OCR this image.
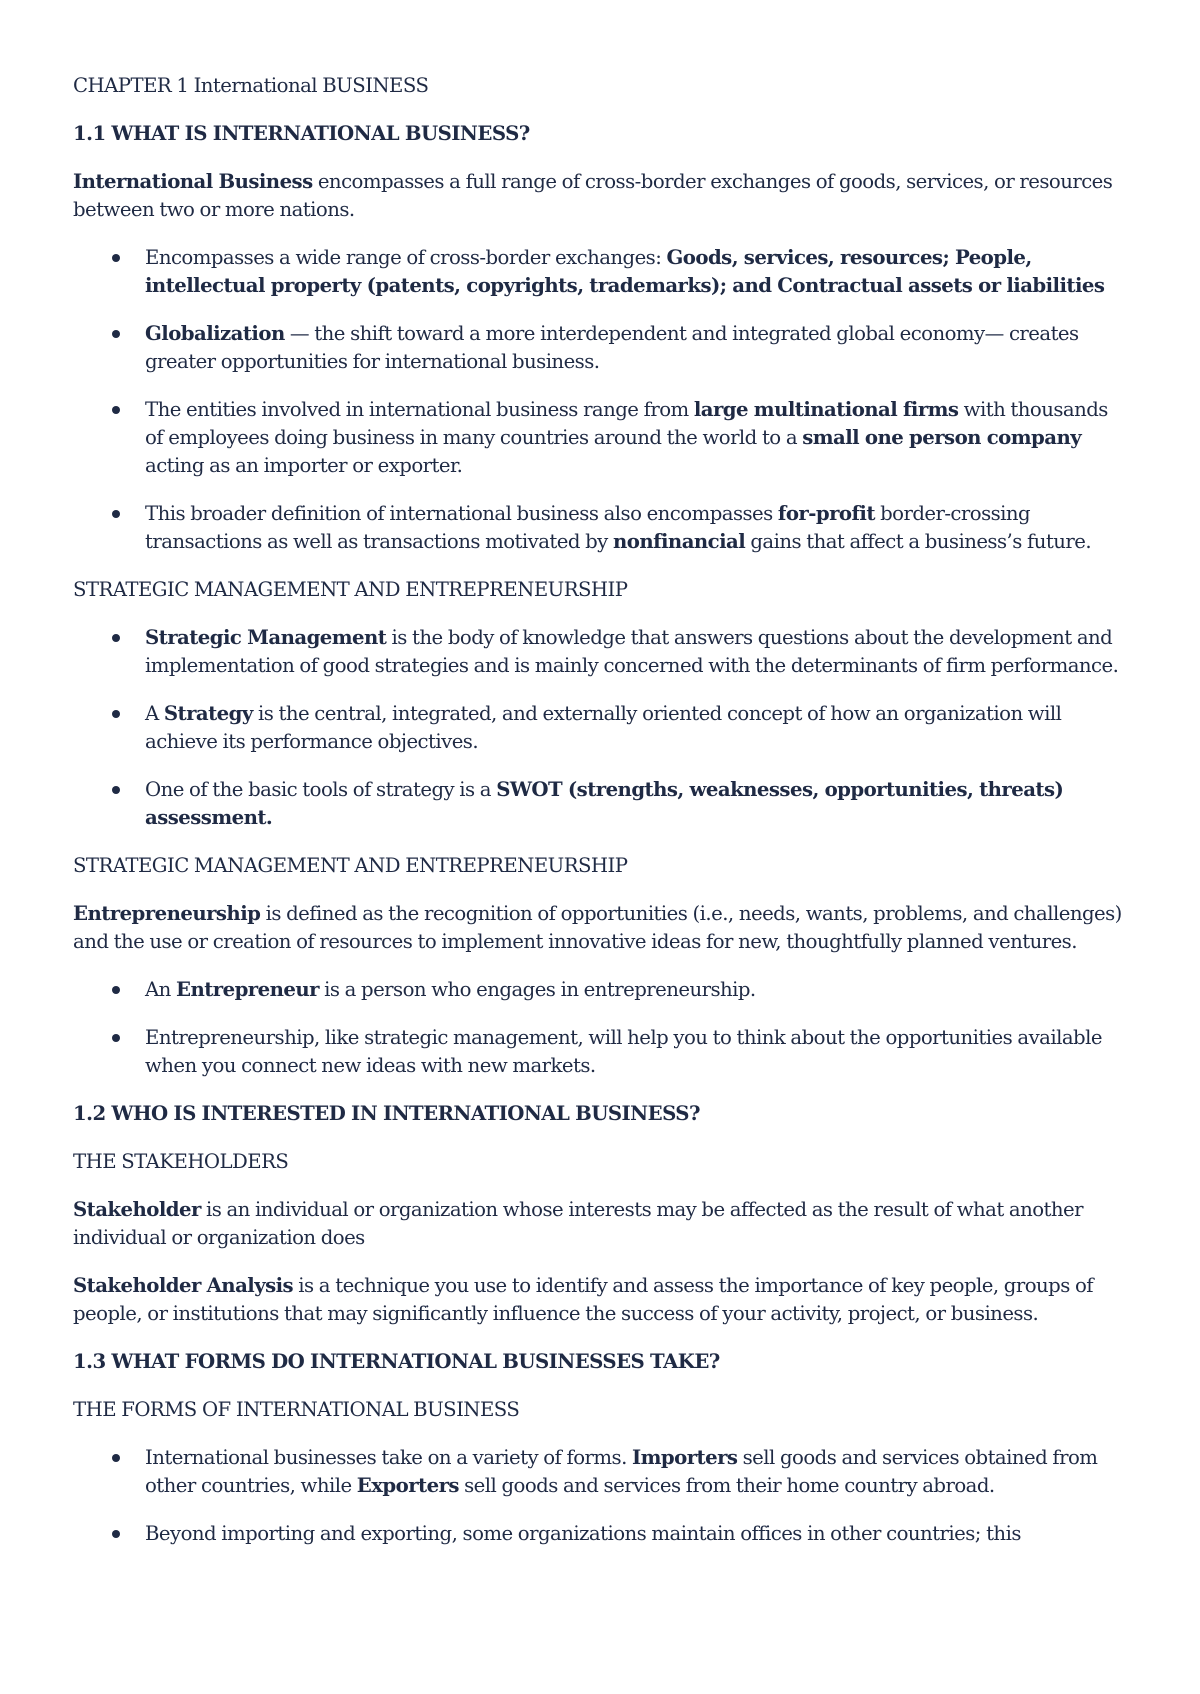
CHAPTER 1 International BUSINESS
1.1 WHAT IS INTERNATIONAL BUSINESS?

International Business encompasses a full range of cross-border exchanges of goods, services, or resources between two or more nations.

Encompasses a wide range of cross-border exchanges: Goods, services, resources; People, intellectual property (patents, copyrights, trademarks); and Contractual assets or liabilities
Globalization — the shift toward a more interdependent and integrated global economy— creates greater opportunities for international business.
The entities involved in international business range from large multinational firms with thousands of employees doing business in many countries around the world to a small one person company acting as an importer or exporter.
This broader definition of international business also encompasses for-profit border-crossing transactions as well as transactions motivated by nonfinancial gains that affect a business’s future.
STRATEGIC MANAGEMENT AND ENTREPRENEURSHIP
Strategic Management is the body of knowledge that answers questions about the development and implementation of good strategies and is mainly concerned with the determinants of firm performance.
A Strategy is the central, integrated, and externally oriented concept of how an organization will achieve its performance objectives.
One of the basic tools of strategy is a SWOT (strengths, weaknesses, opportunities, threats) assessment.
STRATEGIC MANAGEMENT AND ENTREPRENEURSHIP

Entrepreneurship is defined as the recognition of opportunities (i.e., needs, wants, problems, and challenges) and the use or creation of resources to implement innovative ideas for new, thoughtfully planned ventures.

An Entrepreneur is a person who engages in entrepreneurship.
Entrepreneurship, like strategic management, will help you to think about the opportunities available when you connect new ideas with new markets.
1.2 WHO IS INTERESTED IN INTERNATIONAL BUSINESS?
THE STAKEHOLDERS

Stakeholder is an individual or organization whose interests may be affected as the result of what another individual or organization does

Stakeholder Analysis is a technique you use to identify and assess the importance of key people, groups of people, or institutions that may significantly influence the success of your activity, project, or business.

1.3 WHAT FORMS DO INTERNATIONAL BUSINESSES TAKE?
THE FORMS OF INTERNATIONAL BUSINESS
International businesses take on a variety of forms. Importers sell goods and services obtained from other countries, while Exporters sell goods and services from their home country abroad.
Beyond importing and exporting, some organizations maintain offices in other countries; this
